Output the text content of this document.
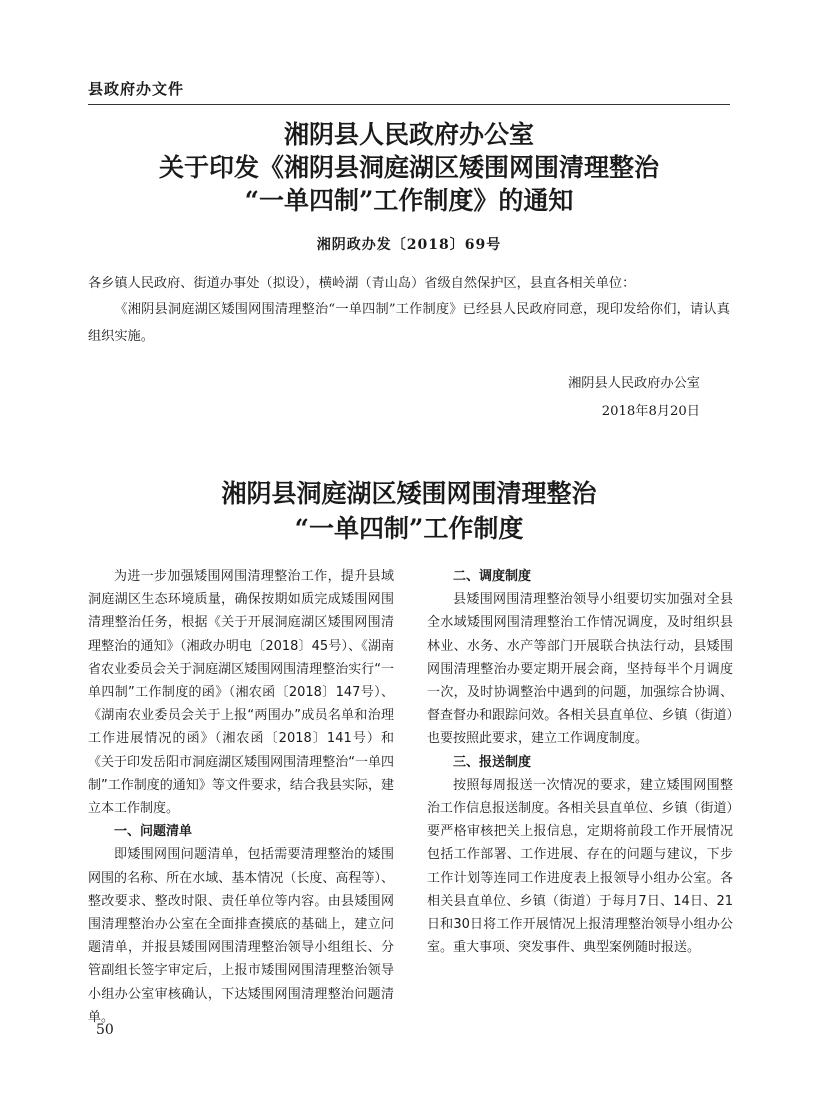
县政府办文件
湘阴县人民政府办公室
关于印发《湘阴县洞庭湖区矮围网围清理整治
“一单四制”工作制度》的通知
湘阴政办发〔2018〕69号
各乡镇人民政府、街道办事处（拟设），横岭湖（青山岛）省级自然保护区，县直各相关单位：
《湘阴县洞庭湖区矮围网围清理整治“一单四制”工作制度》已经县人民政府同意，现印发给你们，请认真组织实施。
湘阴县人民政府办公室
2018年8月20日
湘阴县洞庭湖区矮围网围清理整治
“一单四制”工作制度

为进一步加强矮围网围清理整治工作，提升县域洞庭湖区生态环境质量，确保按期如质完成矮围网围清理整治任务，根据《关于开展洞庭湖区矮围网围清理整治的通知》（湘政办明电〔2018〕45号）、《湖南省农业委员会关于洞庭湖区矮围网围清理整治实行“一单四制”工作制度的函》（湘农函〔2018〕147号）、《湖南农业委员会关于上报“两围办”成员名单和治理工作进展情况的函》（湘农函〔2018〕141号）和《关于印发岳阳市洞庭湖区矮围网围清理整治“一单四制”工作制度的通知》等文件要求，结合我县实际，建立本工作制度。

一、问题清单

即矮围网围问题清单，包括需要清理整治的矮围网围的名称、所在水域、基本情况（长度、高程等）、整改要求、整改时限、责任单位等内容。由县矮围网围清理整治办公室在全面排查摸底的基础上，建立问题清单，并报县矮围网围清理整治领导小组组长、分管副组长签字审定后，上报市矮围网围清理整治领导小组办公室审核确认，下达矮围网围清理整治问题清单。

二、调度制度

县矮围网围清理整治领导小组要切实加强对全县全水域矮围网围清理整治工作情况调度，及时组织县林业、水务、水产等部门开展联合执法行动，县矮围网围清理整治办要定期开展会商，坚持每半个月调度一次，及时协调整治中遇到的问题，加强综合协调、督查督办和跟踪问效。各相关县直单位、乡镇（街道）也要按照此要求，建立工作调度制度。

三、报送制度

按照每周报送一次情况的要求，建立矮围网围整治工作信息报送制度。各相关县直单位、乡镇（街道）要严格审核把关上报信息，定期将前段工作开展情况包括工作部署、工作进展、存在的问题与建议，下步工作计划等连同工作进度表上报领导小组办公室。各相关县直单位、乡镇（街道）于每月7日、14日、21日和30日将工作开展情况上报清理整治领导小组办公室。重大事项、突发事件、典型案例随时报送。

50
